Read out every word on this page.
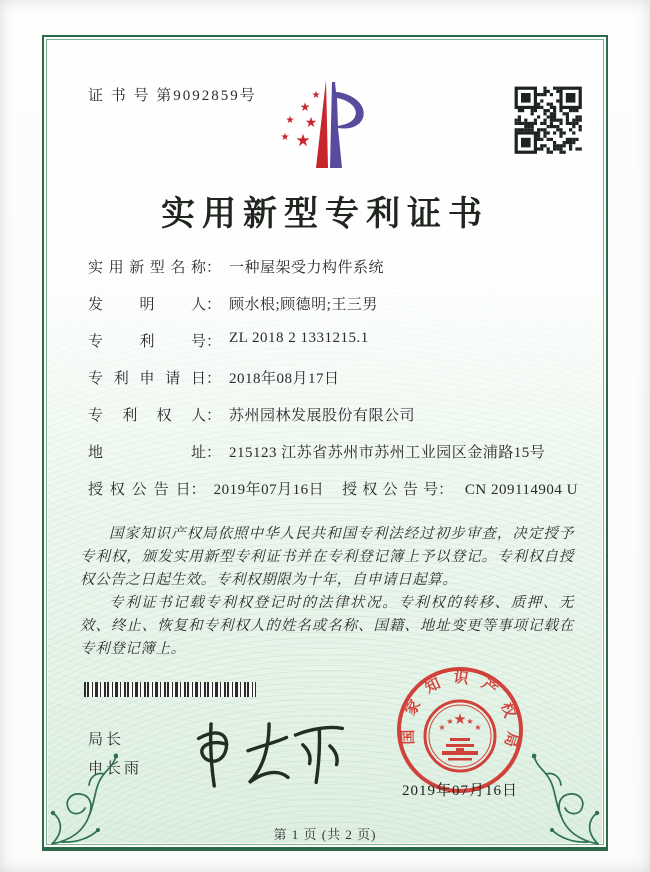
证 书 号 第9092859号	★
★
★ ★
★ ★
实用新型专利证书
实用新型名称 ： 一种屋架受力构件系统
发明人 ： 顾水根;顾德明;王三男
专利号 ： ZL 2018 2 1331215.1
专利申请日 ： 2018年08月17日
专利权人 ： 苏州园林发展股份有限公司
地址 ： 215123 江苏省苏州市苏州工业园区金浦路15号
授权公告日 ： 2019年07月16日 授权公告号： CN 209114904 U

国家知识产权局依照中华人民共和国专利法经过初步审查，决定授予专利权，颁发实用新型专利证书并在专利登记簿上予以登记。专利权自授权公告之日起生效。专利权期限为十年，自申请日起算。

专利证书记载专利权登记时的法律状况。专利权的转移、质押、无效、终止、恢复和专利权人的姓名或名称、国籍、地址变更等事项记载在专利登记簿上。

局长
申长雨
国家知识产权局
★
★
★ ★
★
2019年07月16日
第 1 页 (共 2 页)
